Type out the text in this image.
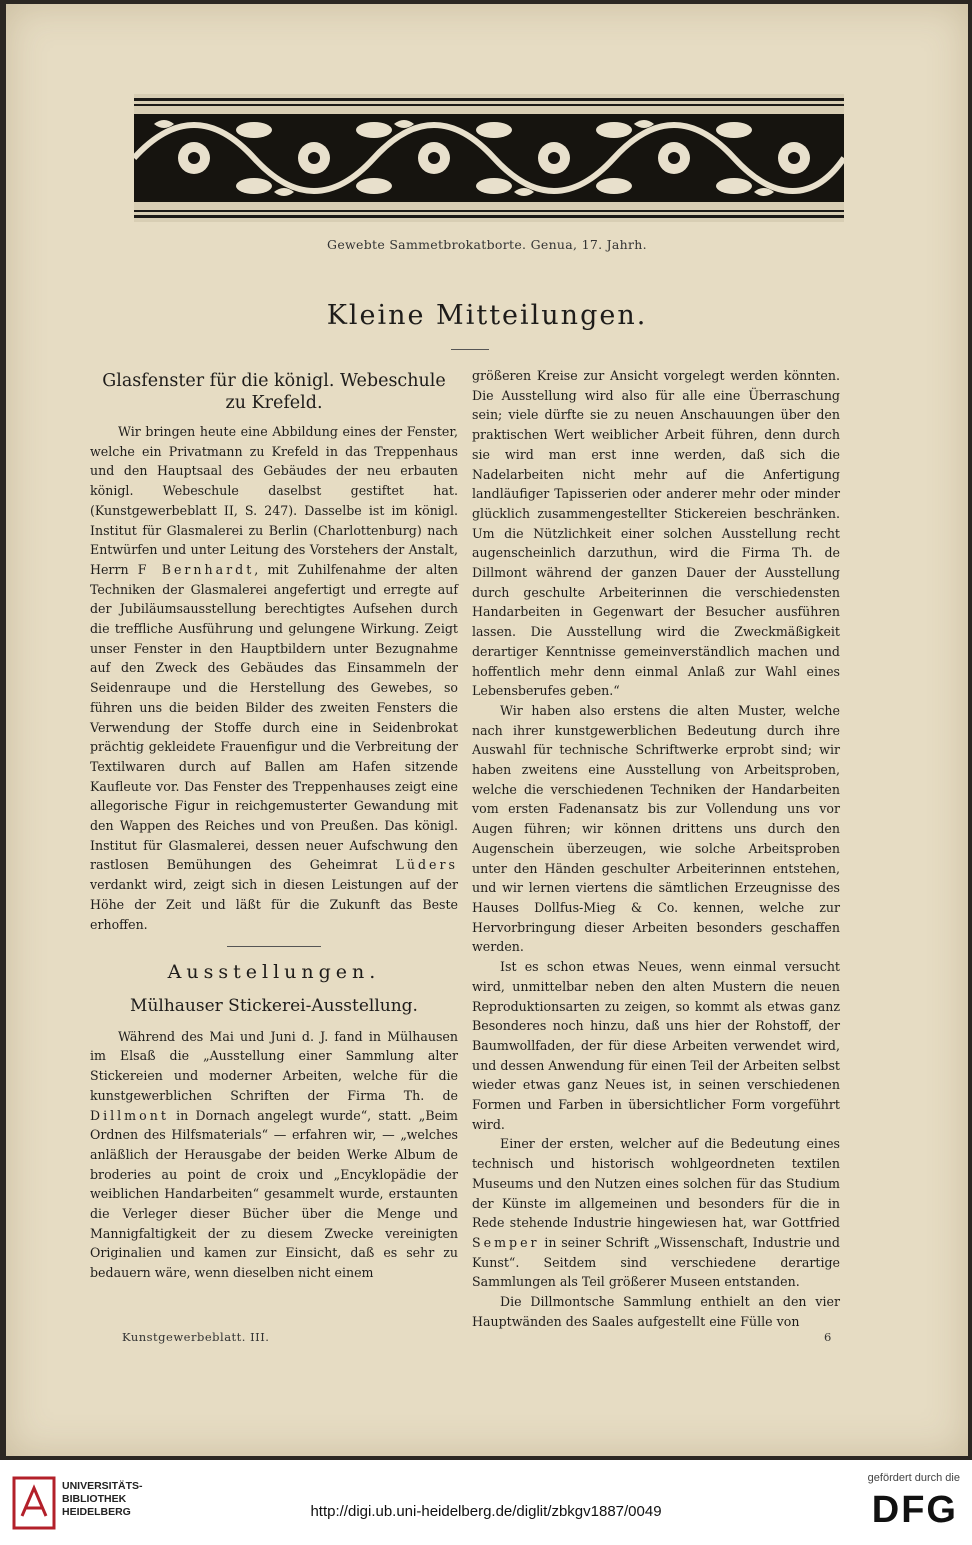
Gewebte Sammetbrokatborte. Genua, 17. Jahrh.
Kleine Mitteilungen.
Glasfenster für die königl. Webeschule
zu Krefeld.

Wir bringen heute eine Abbildung eines der Fenster, welche ein Privatmann zu Krefeld in das Treppenhaus und den Hauptsaal des Gebäudes der neu erbauten königl. Webeschule daselbst gestiftet hat. (Kunstgewerbeblatt II, S. 247). Dasselbe ist im königl. Institut für Glasmalerei zu Berlin (Charlottenburg) nach Entwürfen und unter Leitung des Vorstehers der Anstalt, Herrn F Bernhardt, mit Zuhilfenahme der alten Techniken der Glasmalerei angefertigt und erregte auf der Jubiläumsausstellung berechtigtes Aufsehen durch die treffliche Ausführung und gelungene Wirkung. Zeigt unser Fenster in den Hauptbildern unter Bezugnahme auf den Zweck des Gebäudes das Einsammeln der Seidenraupe und die Herstellung des Gewebes, so führen uns die beiden Bilder des zweiten Fensters die Verwendung der Stoffe durch eine in Seidenbrokat prächtig gekleidete Frauenfigur und die Verbreitung der Textilwaren durch auf Ballen am Hafen sitzende Kaufleute vor. Das Fenster des Treppenhauses zeigt eine allegorische Figur in reichgemusterter Gewandung mit den Wappen des Reiches und von Preußen. Das königl. Institut für Glasmalerei, dessen neuer Aufschwung den rastlosen Bemühungen des Geheimrat Lüders verdankt wird, zeigt sich in diesen Leistungen auf der Höhe der Zeit und läßt für die Zukunft das Beste erhoffen.

Ausstellungen.
Mülhauser Stickerei-Ausstellung.

Während des Mai und Juni d. J. fand in Mülhausen im Elsaß die „Ausstellung einer Sammlung alter Stickereien und moderner Arbeiten, welche für die kunstgewerblichen Schriften der Firma Th. de Dillmont in Dornach angelegt wurde“, statt. „Beim Ordnen des Hilfsmaterials“ — erfahren wir, — „welches anläßlich der Herausgabe der beiden Werke Album de broderies au point de croix und „Encyklopädie der weiblichen Handarbeiten“ gesammelt wurde, erstaunten die Verleger dieser Bücher über die Menge und Mannigfaltigkeit der zu diesem Zwecke vereinigten Originalien und kamen zur Einsicht, daß es sehr zu bedauern wäre, wenn dieselben nicht einem

größeren Kreise zur Ansicht vorgelegt werden könnten. Die Ausstellung wird also für alle eine Überraschung sein; viele dürfte sie zu neuen Anschauungen über den praktischen Wert weiblicher Arbeit führen, denn durch sie wird man erst inne werden, daß sich die Nadelarbeiten nicht mehr auf die Anfertigung landläufiger Tapisserien oder anderer mehr oder minder glücklich zusammengestellter Stickereien beschränken. Um die Nützlichkeit einer solchen Ausstellung recht augenscheinlich darzuthun, wird die Firma Th. de Dillmont während der ganzen Dauer der Ausstellung durch geschulte Arbeiterinnen die verschiedensten Handarbeiten in Gegenwart der Besucher ausführen lassen. Die Ausstellung wird die Zweckmäßigkeit derartiger Kenntnisse gemeinverständlich machen und hoffentlich mehr denn einmal Anlaß zur Wahl eines Lebensberufes geben.“

Wir haben also erstens die alten Muster, welche nach ihrer kunstgewerblichen Bedeutung durch ihre Auswahl für technische Schriftwerke erprobt sind; wir haben zweitens eine Ausstellung von Arbeitsproben, welche die verschiedenen Techniken der Handarbeiten vom ersten Fadenansatz bis zur Vollendung uns vor Augen führen; wir können drittens uns durch den Augenschein überzeugen, wie solche Arbeitsproben unter den Händen geschulter Arbeiterinnen entstehen, und wir lernen viertens die sämtlichen Erzeugnisse des Hauses Dollfus-Mieg & Co. kennen, welche zur Hervorbringung dieser Arbeiten besonders geschaffen werden.

Ist es schon etwas Neues, wenn einmal versucht wird, unmittelbar neben den alten Mustern die neuen Reproduktionsarten zu zeigen, so kommt als etwas ganz Besonderes noch hinzu, daß uns hier der Rohstoff, der Baumwollfaden, der für diese Arbeiten verwendet wird, und dessen Anwendung für einen Teil der Arbeiten selbst wieder etwas ganz Neues ist, in seinen verschiedenen Formen und Farben in übersichtlicher Form vorgeführt wird.

Einer der ersten, welcher auf die Bedeutung eines technisch und historisch wohlgeordneten textilen Museums und den Nutzen eines solchen für das Studium der Künste im allgemeinen und besonders für die in Rede stehende Industrie hingewiesen hat, war Gottfried Semper in seiner Schrift „Wissenschaft, Industrie und Kunst“. Seitdem sind verschiedene derartige Sammlungen als Teil größerer Museen entstanden.

Die Dillmontsche Sammlung enthielt an den vier Hauptwänden des Saales aufgestellt eine Fülle von

Kunstgewerbeblatt. III.	6
UNIVERSITÄTS-
BIBLIOTHEK
HEIDELBERG	http://digi.ub.uni-heidelberg.de/diglit/zbkgv1887/0049
gefördert durch die
DFG
